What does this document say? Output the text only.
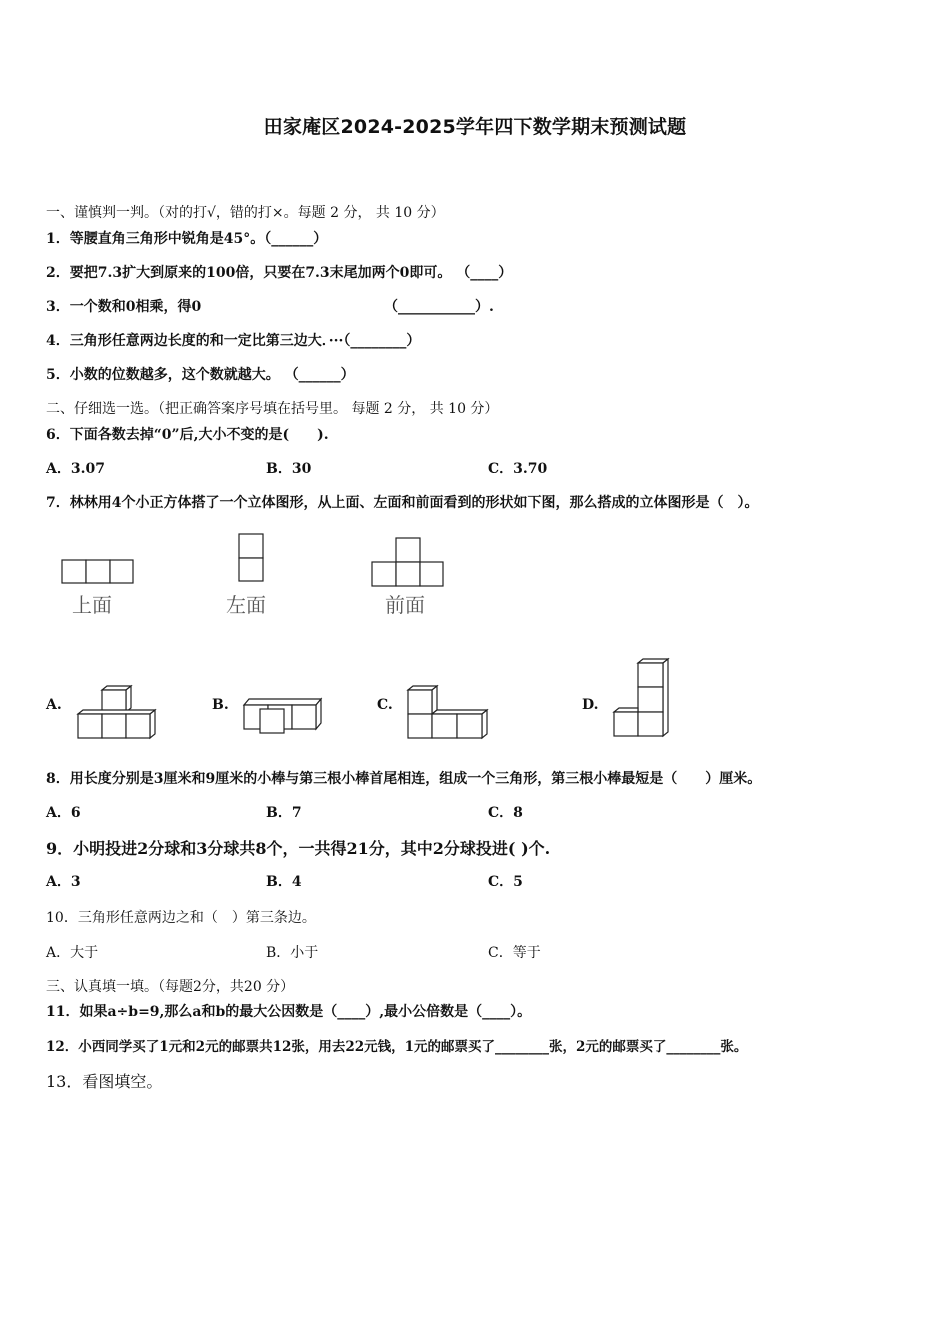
田家庵区2024-2025学年四下数学期末预测试题
一、谨慎判一判。（对的打√，错的打×。每题 2 分， 共 10 分）
1．等腰直角三角形中锐角是45°。（______）
2．要把7.3扩大到原来的100倍，只要在7.3末尾加两个0即可。 （____）
3．一个数和0相乘，得0	（___________）.
4．三角形任意两边长度的和一定比第三边大．···（________）
5．小数的位数越多，这个数就越大。 （______）
二、仔细选一选。（把正确答案序号填在括号里。 每题 2 分， 共 10 分）
6．下面各数去掉“0”后,大小不变的是(　　).
A．3.07	B．30	C．3.70
7．林林用4个小正方体搭了一个立体图形，从上面、左面和前面看到的形状如下图，那么搭成的立体图形是（　）。
上面	左面	前面
A.	B.	C.	D.
8．用长度分别是3厘米和9厘米的小棒与第三根小棒首尾相连，组成一个三角形，第三根小棒最短是（　　）厘米。
A．6	B．7	C．8
9．小明投进2分球和3分球共8个，一共得21分，其中2分球投进( )个.
A．3	B．4	C．5
10．三角形任意两边之和（　）第三条边。
A．大于	B．小于	C．等于
三、认真填一填。（每题2分，共20 分）
11．如果a÷b=9,那么a和b的最大公因数是（____）,最小公倍数是（____）。
12．小西同学买了1元和2元的邮票共12张，用去22元钱，1元的邮票买了________张，2元的邮票买了________张。
13．看图填空。
